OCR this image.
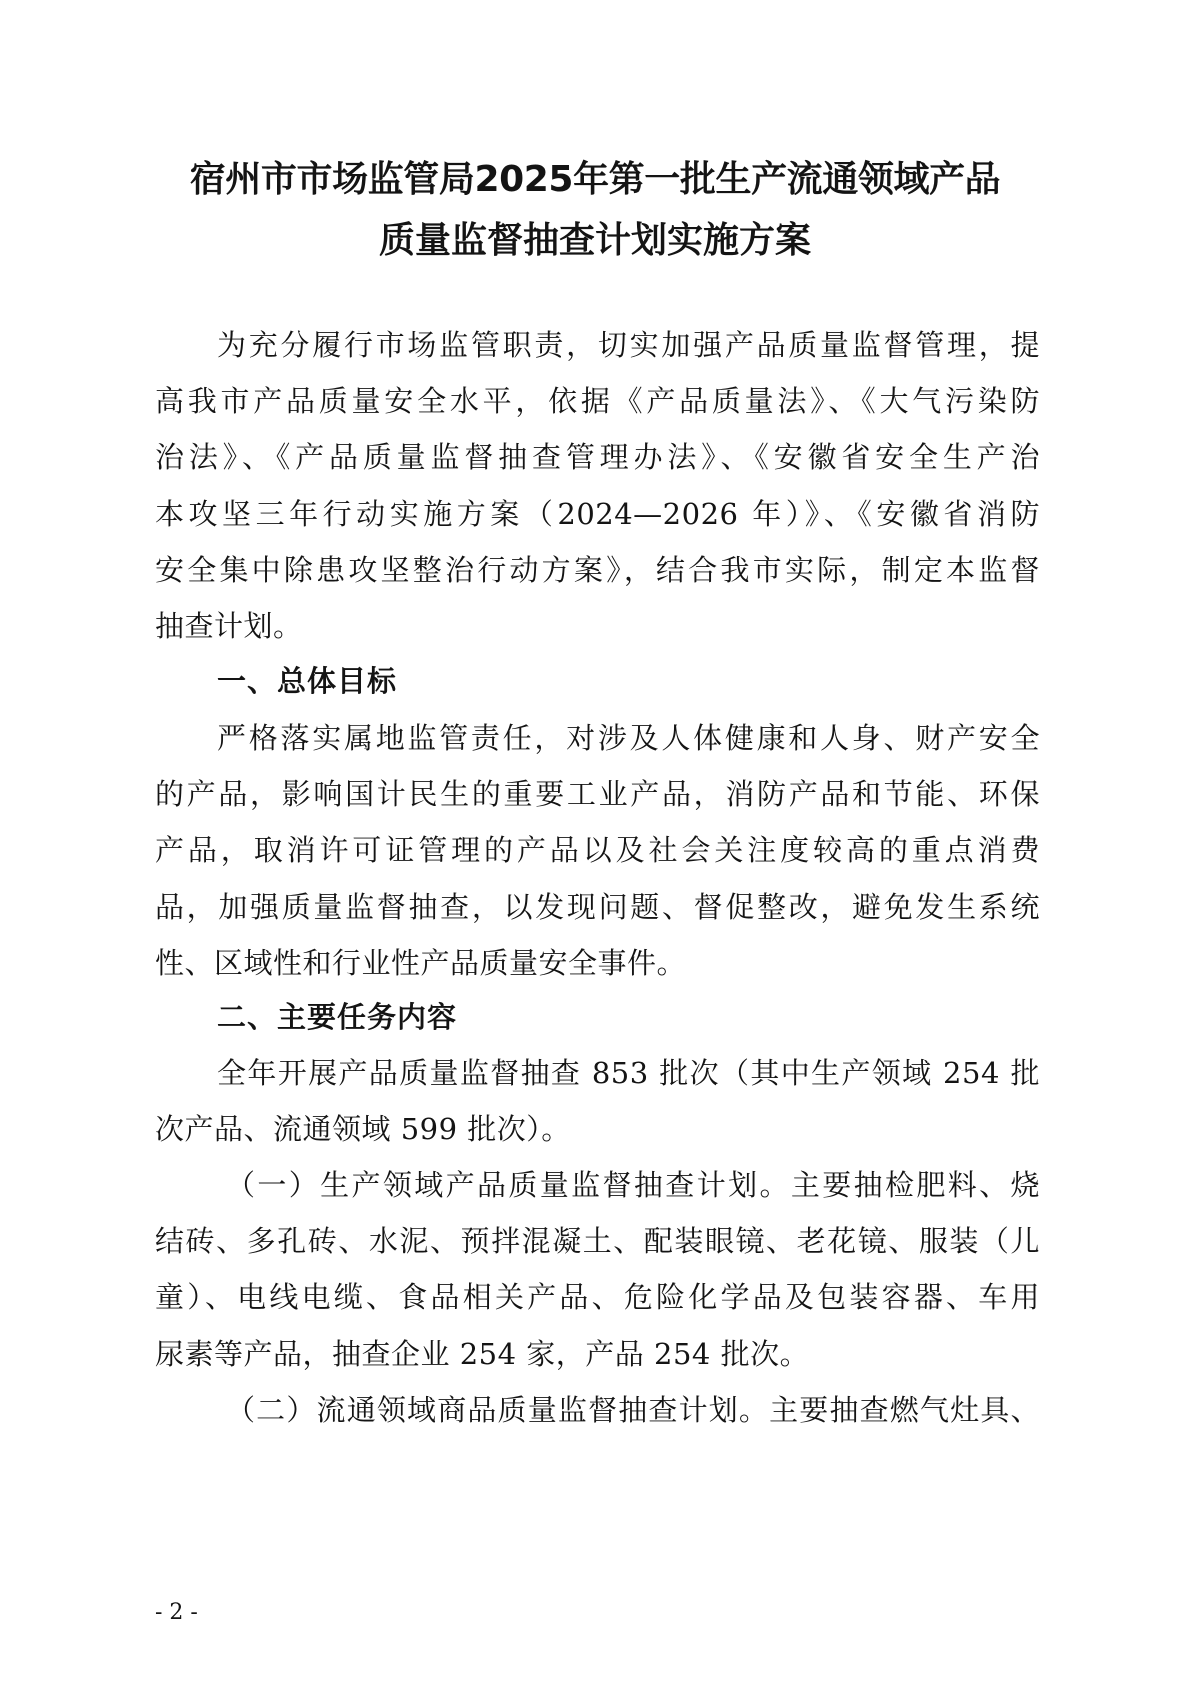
宿州市市场监管局2025年第一批生产流通领域产品
质量监督抽查计划实施方案
为充分履行市场监管职责，切实加强产品质量监督管理，提
高我市产品质量安全水平，依据《产品质量法》、《大气污染防
治法》、《产品质量监督抽查管理办法》、《安徽省安全生产治
本攻坚三年行动实施方案（2024—2026 年）》、《安徽省消防
安全集中除患攻坚整治行动方案》，结合我市实际，制定本监督
抽查计划。
一、总体目标
严格落实属地监管责任，对涉及人体健康和人身、财产安全
的产品，影响国计民生的重要工业产品，消防产品和节能、环保
产品，取消许可证管理的产品以及社会关注度较高的重点消费
品，加强质量监督抽查，以发现问题、督促整改，避免发生系统
性、区域性和行业性产品质量安全事件。
二、主要任务内容
全年开展产品质量监督抽查 853 批次（其中生产领域 254 批
次产品、流通领域 599 批次）。
（一）生产领域产品质量监督抽查计划。主要抽检肥料、烧
结砖、多孔砖、水泥、预拌混凝土、配装眼镜、老花镜、服装（儿
童）、电线电缆、食品相关产品、危险化学品及包装容器、车用
尿素等产品，抽查企业 254 家，产品 254 批次。
（二）流通领域商品质量监督抽查计划。主要抽查燃气灶具、
- 2 -
